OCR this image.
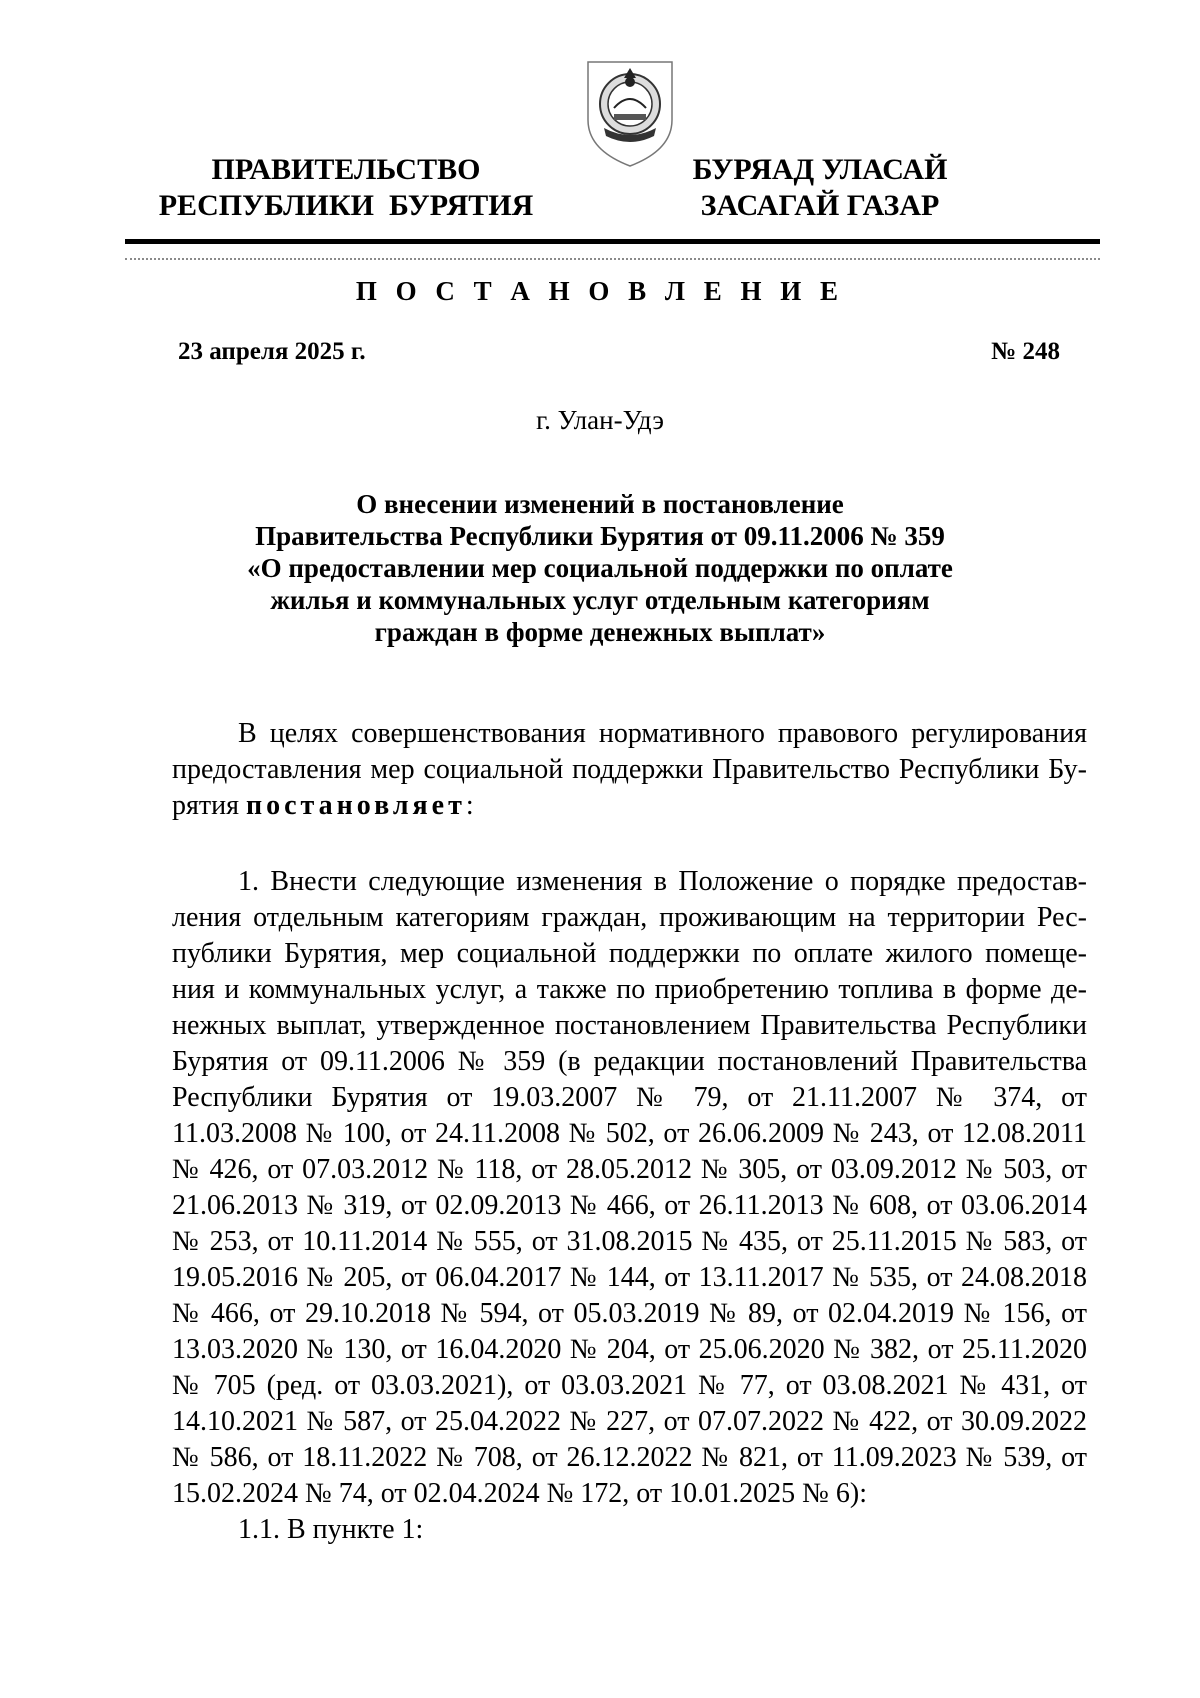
ПРАВИТЕЛЬСТВО
РЕСПУБЛИКИ  БУРЯТИЯ
БУРЯАД УЛАСАЙ
ЗАСАГАЙ ГАЗАР
П О С Т А Н О В Л Е Н И Е
23 апреля 2025 г.	№ 248
г. Улан-Удэ
О внесении изменений в постановление
Правительства Республики Бурятия от 09.11.2006 № 359
«О предоставлении мер социальной поддержки по оплате
жилья и коммунальных услуг отдельным категориям
граждан в форме денежных выплат»
В целях совершенствования нормативного правового регулирования
предоставления мер социальной поддержки Правительство Республики Бу-
рятия постановляет:
1. Внести следующие изменения в Положение о порядке предостав-
ления отдельным категориям граждан, проживающим на территории Рес-
публики Бурятия, мер социальной поддержки по оплате жилого помеще-
ния и коммунальных услуг, а также по приобретению топлива в форме де-
нежных выплат, утвержденное постановлением Правительства Республики
Бурятия от 09.11.2006 № 359 (в редакции постановлений Правительства
Республики Бурятия от 19.03.2007 № 79, от 21.11.2007 № 374, от
11.03.2008 № 100, от 24.11.2008 № 502, от 26.06.2009 № 243, от 12.08.2011
№ 426, от 07.03.2012 № 118, от 28.05.2012 № 305, от 03.09.2012 № 503, от
21.06.2013 № 319, от 02.09.2013 № 466, от 26.11.2013 № 608, от 03.06.2014
№ 253, от 10.11.2014 № 555, от 31.08.2015 № 435, от 25.11.2015 № 583, от
19.05.2016 № 205, от 06.04.2017 № 144, от 13.11.2017 № 535, от 24.08.2018
№ 466, от 29.10.2018 № 594, от 05.03.2019 № 89, от 02.04.2019 № 156, от
13.03.2020 № 130, от 16.04.2020 № 204, от 25.06.2020 № 382, от 25.11.2020
№ 705 (ред. от 03.03.2021), от 03.03.2021 № 77, от 03.08.2021 № 431, от
14.10.2021 № 587, от 25.04.2022 № 227, от 07.07.2022 № 422, от 30.09.2022
№ 586, от 18.11.2022 № 708, от 26.12.2022 № 821, от 11.09.2023 № 539, от
15.02.2024 № 74, от 02.04.2024 № 172, от 10.01.2025 № 6):
1.1. В пункте 1:
